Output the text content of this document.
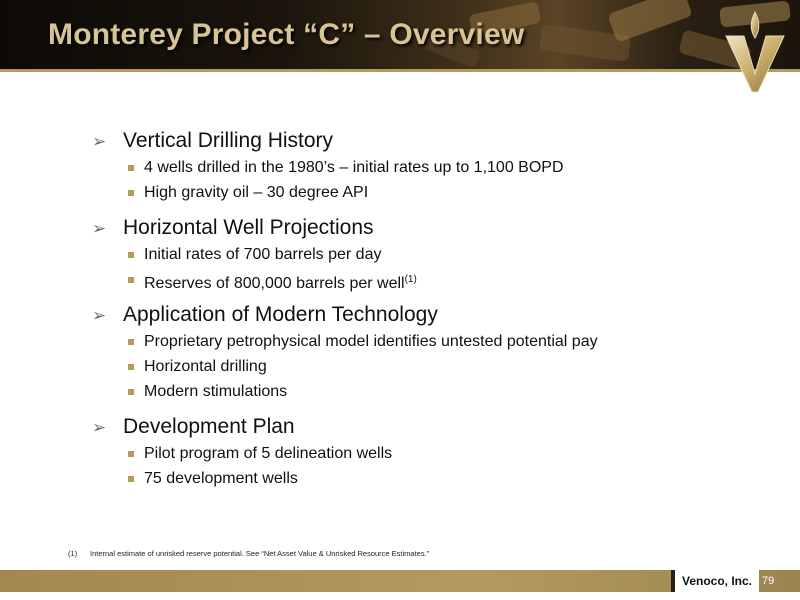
Monterey Project “C” – Overview
➢ Vertical Drilling History
4 wells drilled in the 1980’s – initial rates up to 1,100 BOPD
High gravity oil – 30 degree API
➢ Horizontal Well Projections
Initial rates of 700 barrels per day
Reserves of 800,000 barrels per well$^{(1)}$
➢ Application of Modern Technology
Proprietary petrophysical model identifies untested potential pay
Horizontal drilling
Modern stimulations
➢ Development Plan
Pilot program of 5 delineation wells
75 development wells
(1) Internal estimate of unrisked reserve potential. See “Net Asset Value & Unrisked Resource Estimates.”
Venoco, Inc. 79
